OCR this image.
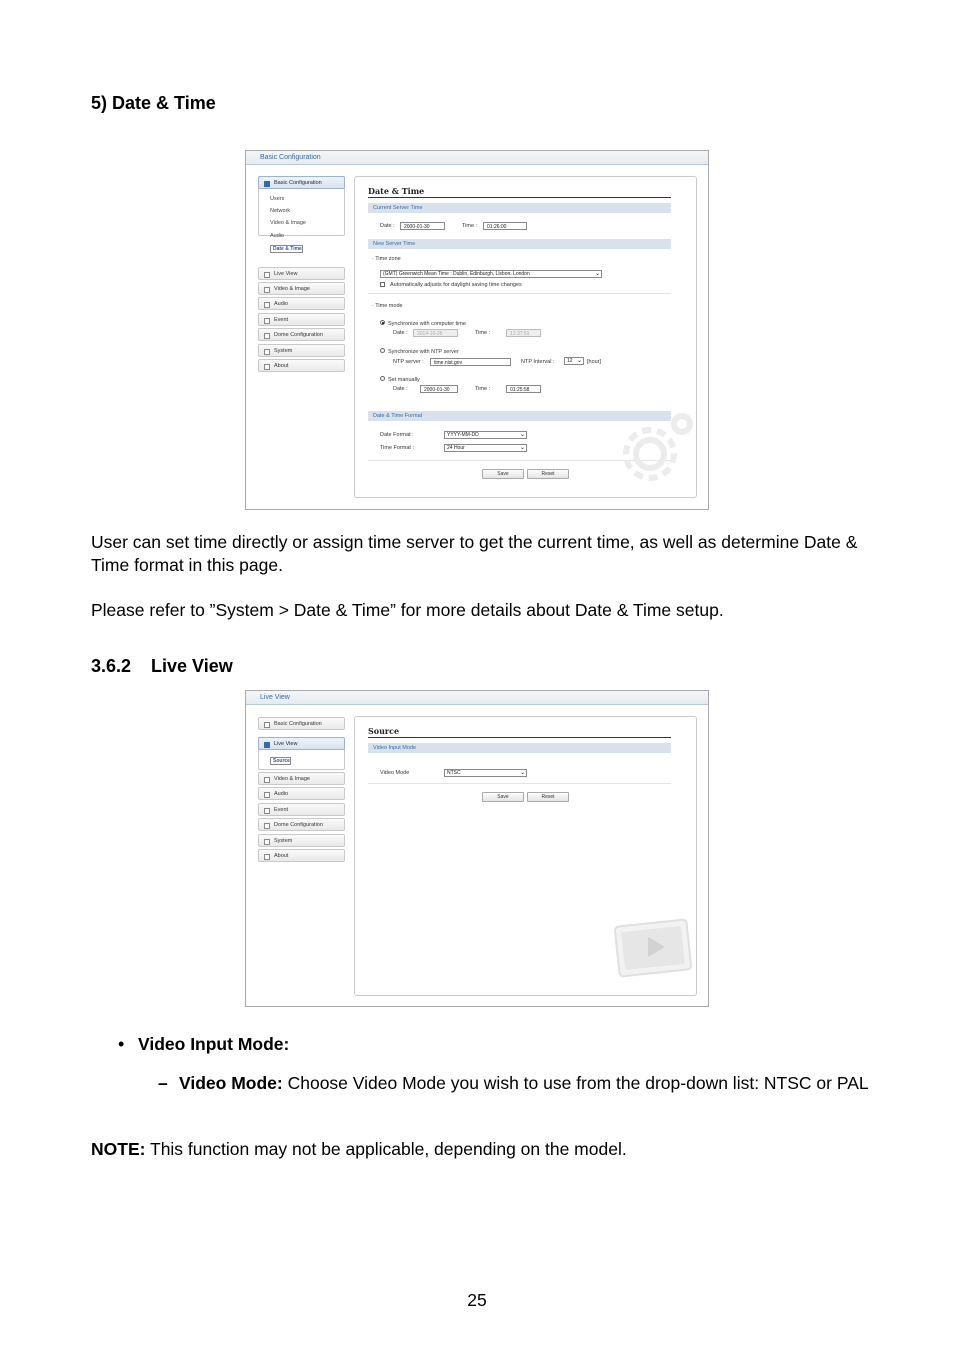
5) Date & Time
Basic Configuration
Basic Configuration
Users
Network
Video & Image
Audio
Date & Time
Live View
Video & Image
Audio
Event
Dome Configuration
System
About
Date & Time
Current Server Time
Date :	2000-01-30	Time :	01:26:00
New Server Time
· Time zone
(GMT) Greenwich Mean Time : Dublin, Edinburgh, Lisbon, London	⌄
Automatically adjusts for daylight saving time changes
· Time mode
Synchronize with computer time
Date :	2014-10-25	Time :	12:37:51
Synchronize with NTP server
NTP server :	time.nist.gov	NTP Interval :	12 ⌄ [hour]
Set manually
Date :	2000-01-30	Time :	01:25:58
Date & Time Format
Date Format :	YYYY-MM-DD	⌄
Time Format :	24 Hour	⌄
Save	Reset
User can set time directly or assign time server to get the current time, as well as determine Date & Time format in this page.
Please refer to ”System > Date & Time” for more details about Date & Time setup.
3.6.2    Live View
Live View
Basic Configuration
Live View
Source
Video & Image
Audio
Event
Dome Configuration
System
About
Source
Video Input Mode
Video Mode	NTSC	⌄
Save	Reset
• Video Input Mode:
– Video Mode: Choose Video Mode you wish to use from the drop-down list: NTSC or PAL
NOTE: This function may not be applicable, depending on the model.
25
